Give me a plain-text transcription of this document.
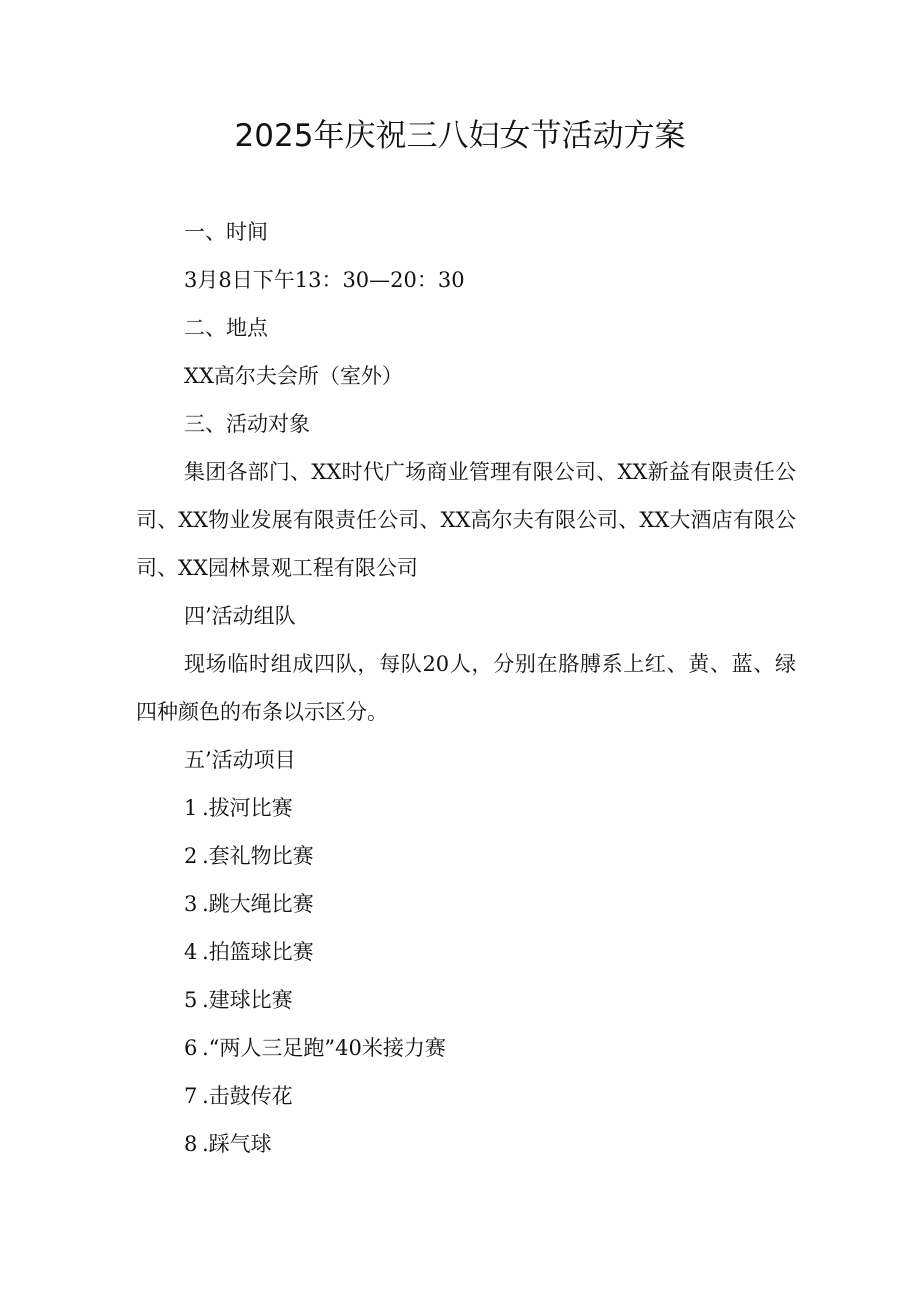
2025年庆祝三八妇女节活动方案

一、时间

3月8日下午13：30—20：30

二、地点

XX高尔夫会所（室外）

三、活动对象

集团各部门、XX时代广场商业管理有限公司、XX新益有限责任公司、XX物业发展有限责任公司、XX高尔夫有限公司、XX大酒店有限公司、XX园林景观工程有限公司

四’活动组队

现场临时组成四队，每队20人，分别在胳膊系上红、黄、蓝、绿四种颜色的布条以示区分。

五’活动项目

1 .拔河比赛

2 .套礼物比赛

3 .跳大绳比赛

4 .拍篮球比赛

5 .建球比赛

6 .“两人三足跑”40米接力赛

7 .击鼓传花

8 .踩气球
